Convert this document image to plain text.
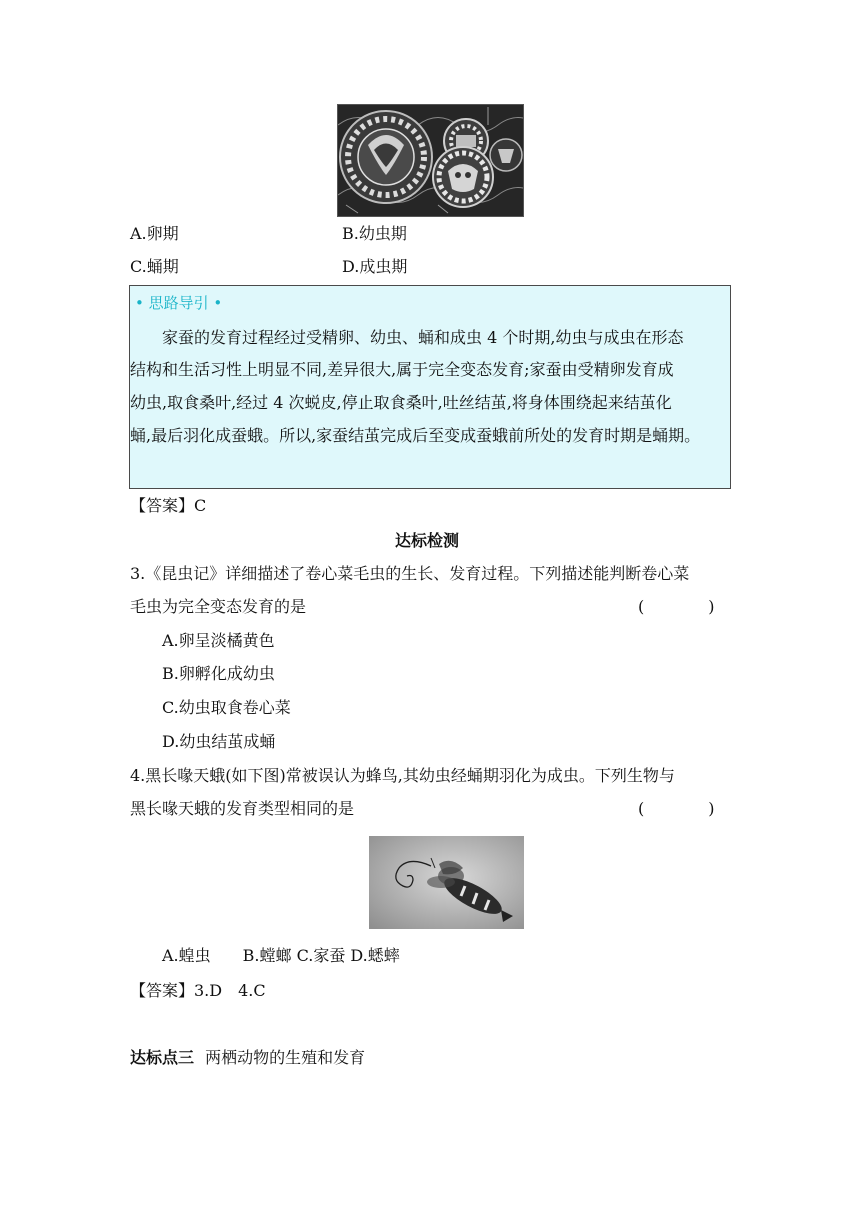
A.卵期	B.幼虫期
C.蛹期	D.成虫期
• 思路导引 •
家蚕的发育过程经过受精卵、幼虫、蛹和成虫 4 个时期,幼虫与成虫在形态
结构和生活习性上明显不同,差异很大,属于完全变态发育;家蚕由受精卵发育成
幼虫,取食桑叶,经过 4 次蜕皮,停止取食桑叶,吐丝结茧,将身体围绕起来结茧化
蛹,最后羽化成蚕蛾。所以,家蚕结茧完成后至变成蚕蛾前所处的发育时期是蛹期。
【答案】C
达标检测
3.《昆虫记》详细描述了卷心菜毛虫的生长、发育过程。下列描述能判断卷心菜
毛虫为完全变态发育的是	(　　　　)
A.卵呈淡橘黄色
B.卵孵化成幼虫
C.幼虫取食卷心菜
D.幼虫结茧成蛹
4.黑长喙天蛾(如下图)常被误认为蜂鸟,其幼虫经蛹期羽化为成虫。下列生物与
黑长喙天蛾的发育类型相同的是	(　　　　)
A.蝗虫　　B.螳螂 C.家蚕 D.蟋蟀
【答案】3.D　4.C
达标点三 两栖动物的生殖和发育
